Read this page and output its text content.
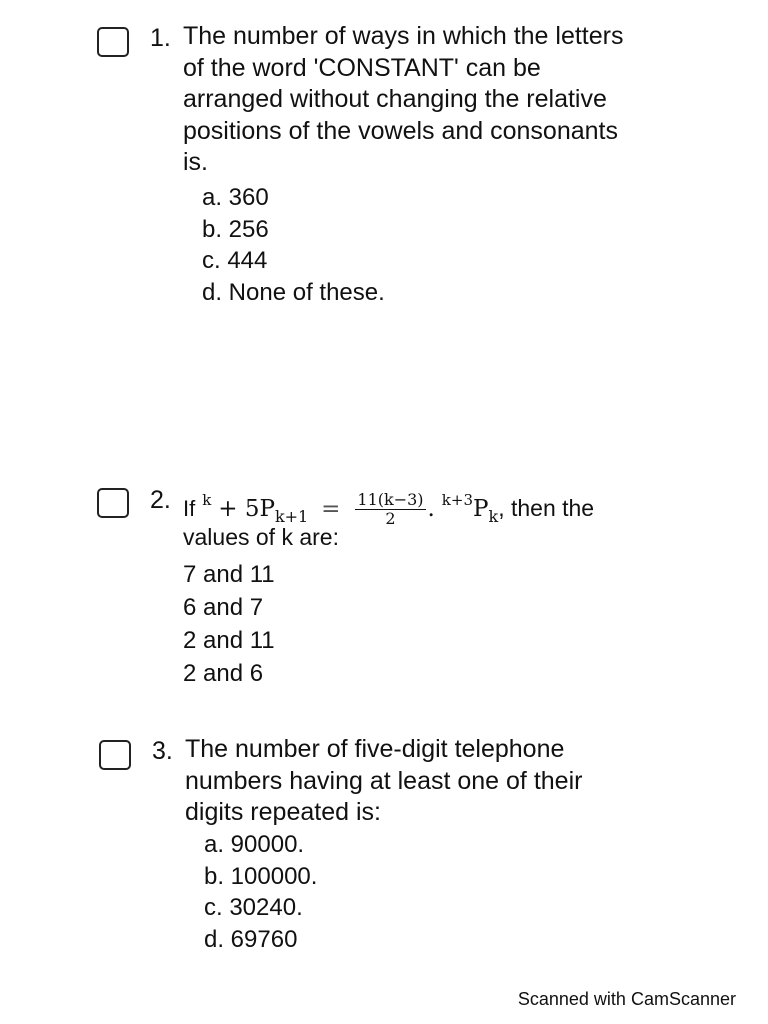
1. The number of ways in which the letters
of the word 'CONSTANT' can be
arranged without changing the relative
positions of the vowels and consonants
is.
a. 360
b. 256
c. 444
d. None of these.
2. If $^k + 5P_{k+1} = \frac{11(k-3)}{2}$ . $^{k+3}P_k$, then the
values of k are:
7 and 11
6 and 7
2 and 11
2 and 6
3. The number of five-digit telephone
numbers having at least one of their
digits repeated is:
a. 90000.
b. 100000.
c. 30240.
d. 69760
Scanned with CamScanner
